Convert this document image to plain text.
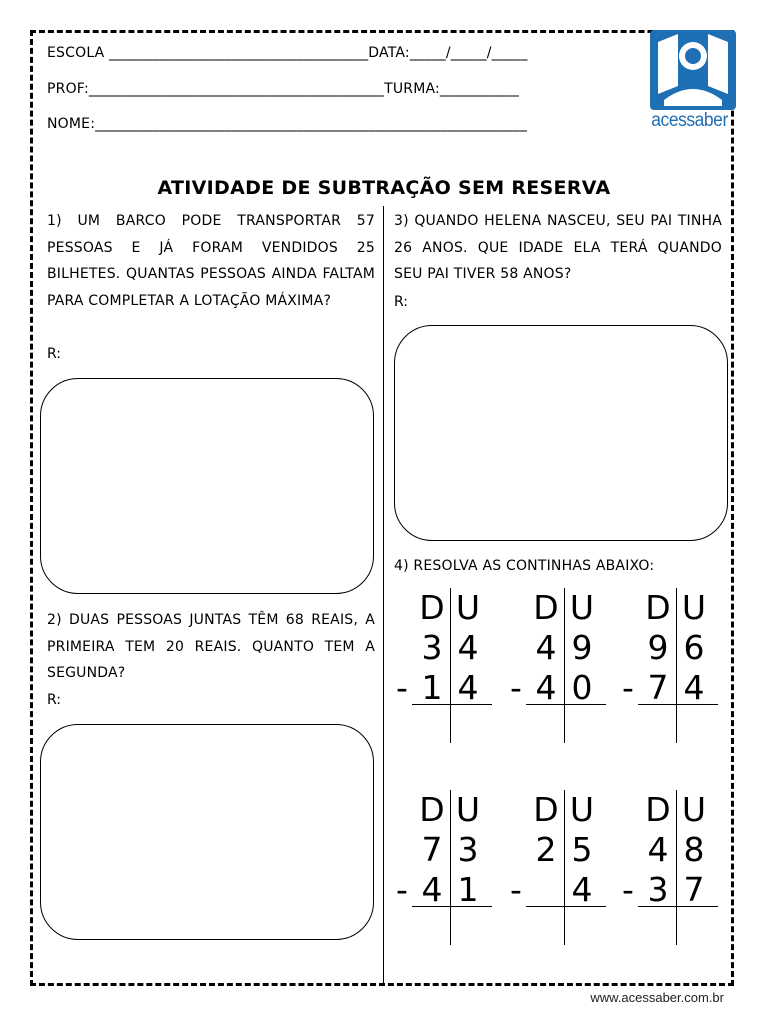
ESCOLA ____________________________________DATA:_____/_____/_____
PROF:_________________________________________TURMA:___________
NOME:____________________________________________________________	acessaber
ATIVIDADE DE SUBTRAÇÃO SEM RESERVA
1) UM BARCO PODE TRANSPORTAR 57 PESSOAS E JÁ FORAM VENDIDOS 25 BILHETES. QUANTAS PESSOAS AINDA FALTAM PARA COMPLETAR A LOTAÇÃO MÁXIMA?
R:
2) DUAS PESSOAS JUNTAS TÊM 68 REAIS, A PRIMEIRA TEM 20 REAIS. QUANTO TEM A SEGUNDA?
R:
3) QUANDO HELENA NASCEU, SEU PAI TINHA 26 ANOS. QUE IDADE ELA TERÁ QUANDO SEU PAI TIVER 58 ANOS?
R:
4) RESOLVA AS CONTINHAS ABAIXO:
D U
3 4
- 1 4
D U
4 9
- 4 0
D U
9 6
- 7 4
D U
7 3
- 4 1
D U
2 5
-	4
D U
4 8
- 3 7
www.acessaber.com.br
